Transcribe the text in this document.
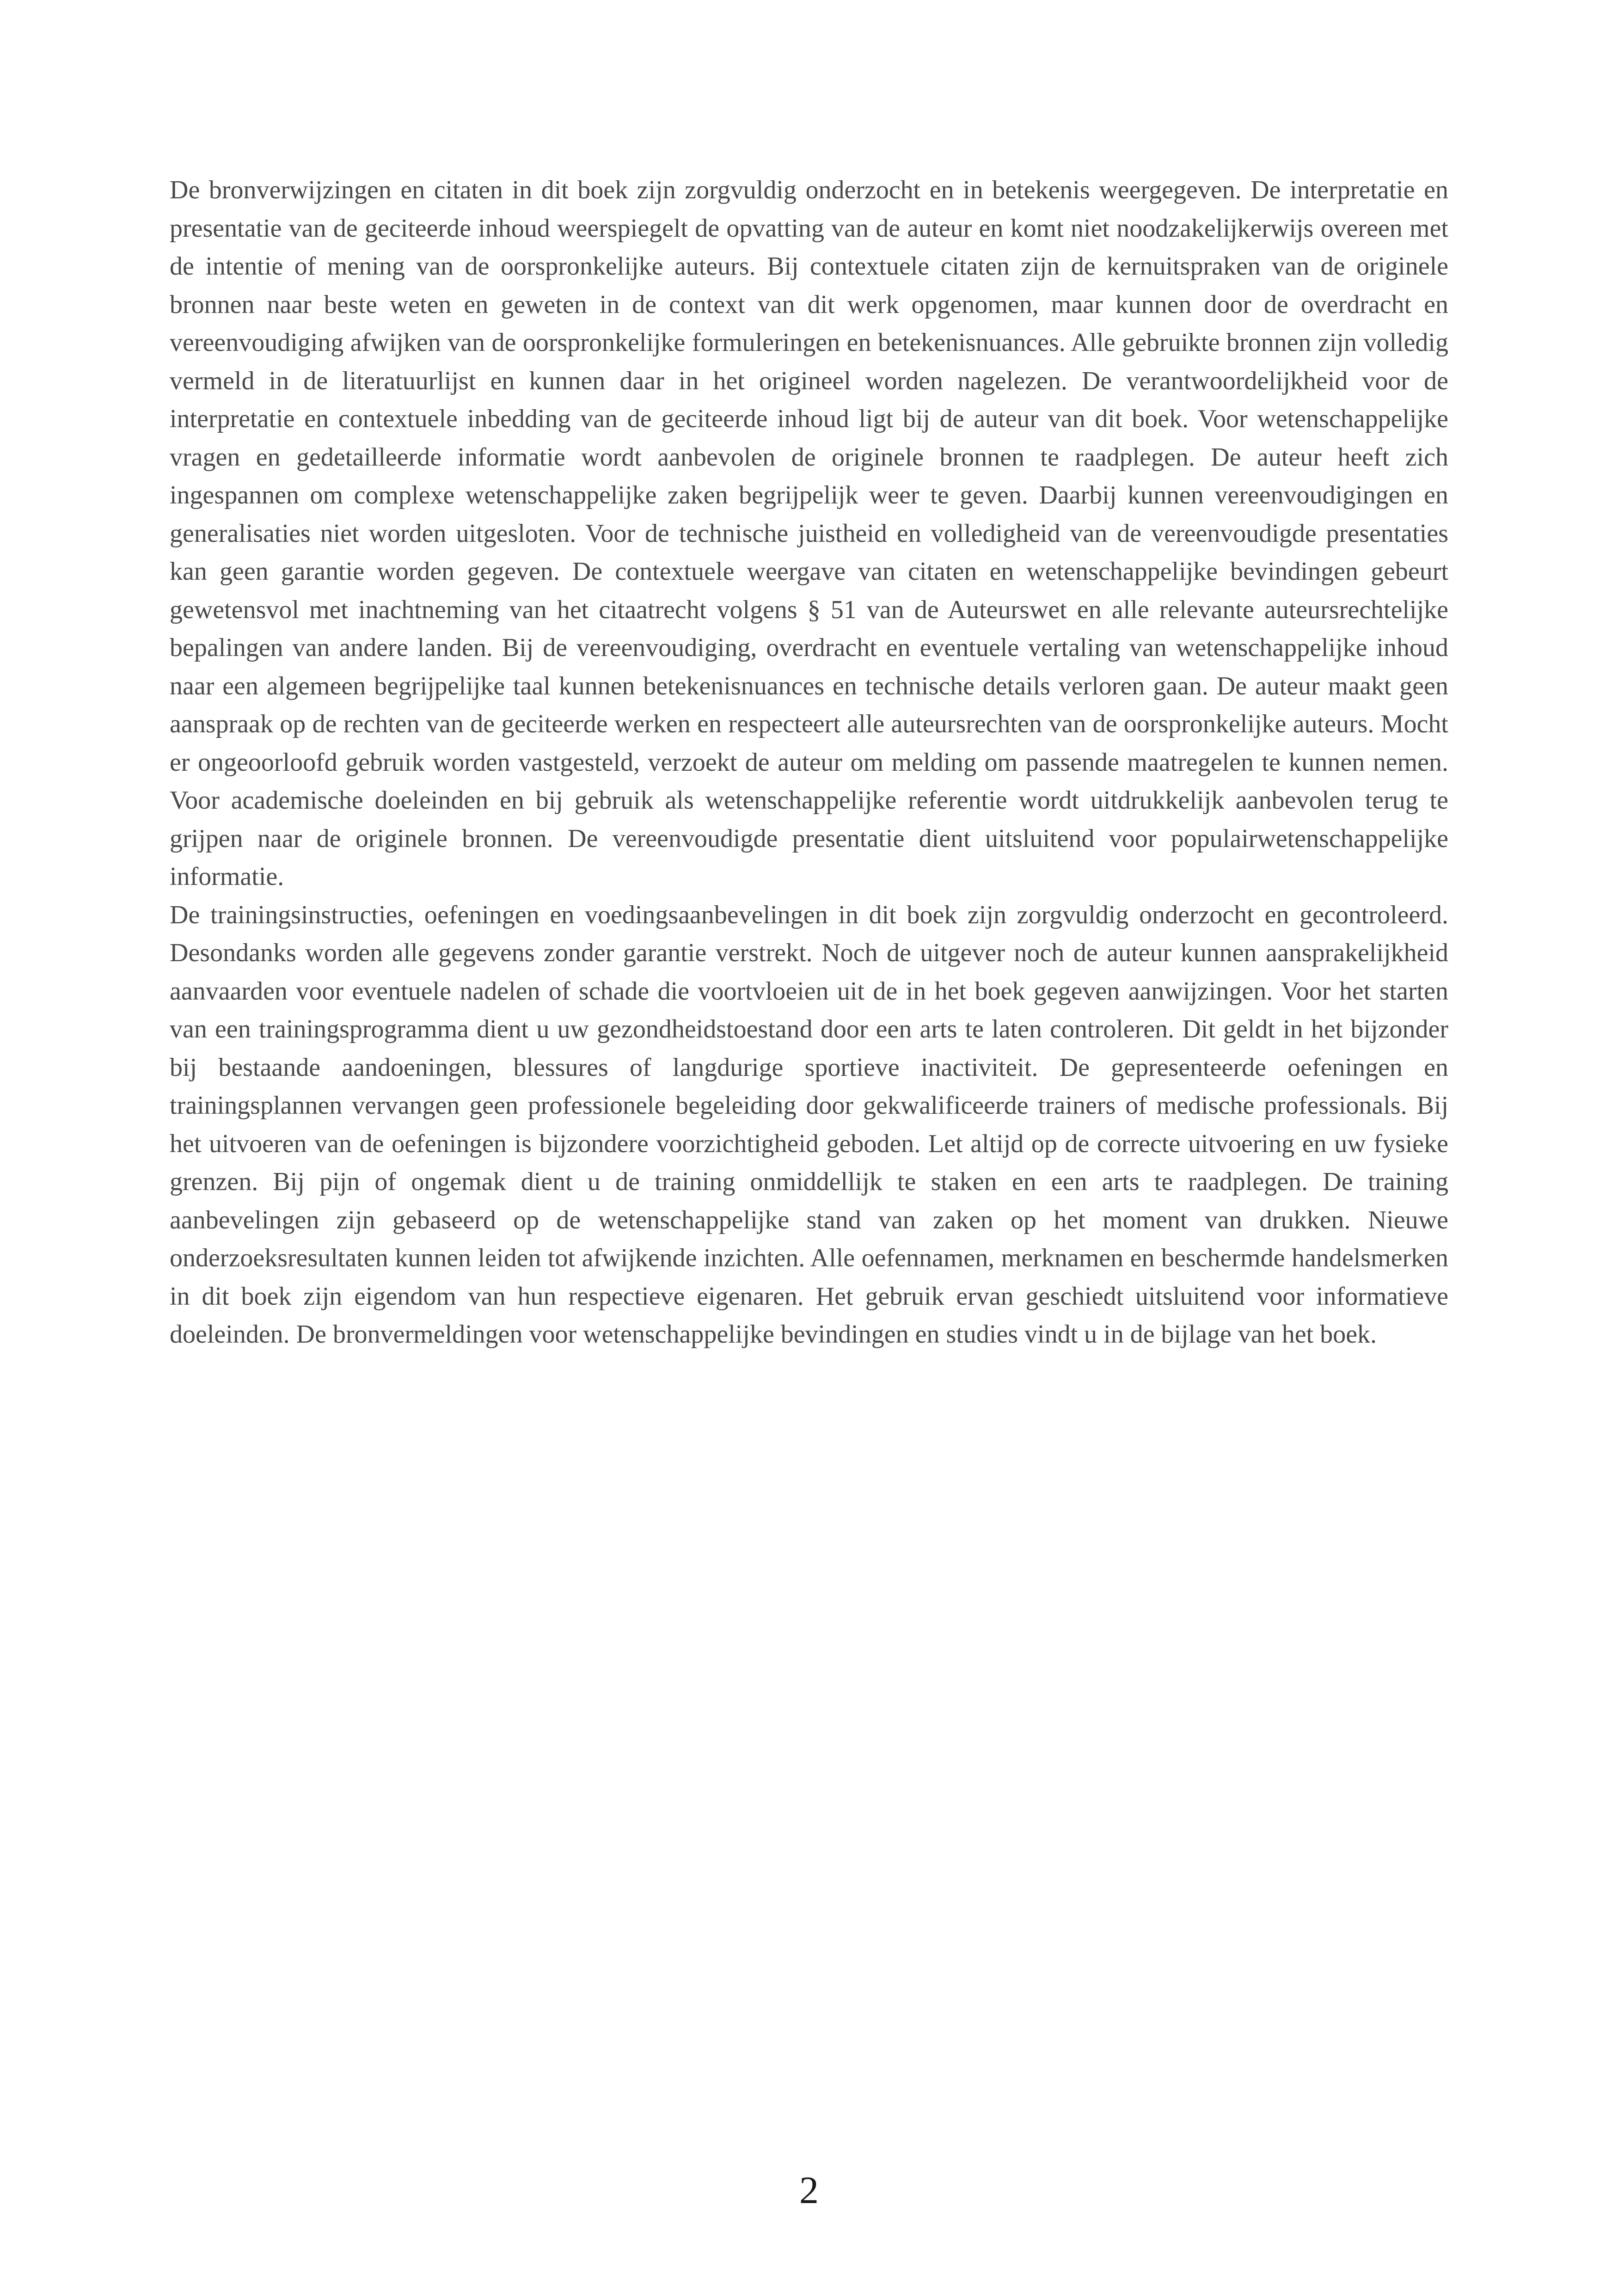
De bronverwijzingen en citaten in dit boek zijn zorgvuldig onderzocht en in betekenis weergegeven. De interpretatie en presentatie van de geciteerde inhoud weerspiegelt de opvatting van de auteur en komt niet noodzakelijkerwijs overeen met de intentie of mening van de oorspronkelijke auteurs. Bij contextuele citaten zijn de kernuitspraken van de originele bronnen naar beste weten en geweten in de context van dit werk opgenomen, maar kunnen door de overdracht en vereenvoudiging afwijken van de oorspronkelijke formuleringen en betekenisnuances. Alle gebruikte bronnen zijn volledig vermeld in de literatuurlijst en kunnen daar in het origineel worden nagelezen. De verantwoordelijkheid voor de interpretatie en contextuele inbedding van de geciteerde inhoud ligt bij de auteur van dit boek. Voor wetenschappelijke vragen en gedetailleerde informatie wordt aanbevolen de originele bronnen te raadplegen. De auteur heeft zich ingespannen om complexe wetenschappelijke zaken begrijpelijk weer te geven. Daarbij kunnen vereenvoudigingen en generalisaties niet worden uitgesloten. Voor de technische juistheid en volledigheid van de vereenvoudigde presentaties kan geen garantie worden gegeven. De contextuele weergave van citaten en wetenschappelijke bevindingen gebeurt gewetensvol met inachtneming van het citaatrecht volgens § 51 van de Auteurswet en alle relevante auteursrechtelijke bepalingen van andere landen. Bij de vereenvoudiging, overdracht en eventuele vertaling van wetenschappelijke inhoud naar een algemeen begrijpelijke taal kunnen betekenisnuances en technische details verloren gaan. De auteur maakt geen aanspraak op de rechten van de geciteerde werken en respecteert alle auteursrechten van de oorspronkelijke auteurs. Mocht er ongeoorloofd gebruik worden vastgesteld, verzoekt de auteur om melding om passende maatregelen te kunnen nemen. Voor academische doeleinden en bij gebruik als wetenschappelijke referentie wordt uitdrukkelijk aanbevolen terug te grijpen naar de originele bronnen. De vereenvoudigde presentatie dient uitsluitend voor populairwetenschappelijke informatie.

De trainingsinstructies, oefeningen en voedingsaanbevelingen in dit boek zijn zorgvuldig onderzocht en gecontroleerd. Desondanks worden alle gegevens zonder garantie verstrekt. Noch de uitgever noch de auteur kunnen aansprakelijkheid aanvaarden voor eventuele nadelen of schade die voortvloeien uit de in het boek gegeven aanwijzingen. Voor het starten van een trainingsprogramma dient u uw gezondheidstoestand door een arts te laten controleren. Dit geldt in het bijzonder bij bestaande aandoeningen, blessures of langdurige sportieve inactiviteit. De gepresenteerde oefeningen en trainingsplannen vervangen geen professionele begeleiding door gekwalificeerde trainers of medische professionals. Bij het uitvoeren van de oefeningen is bijzondere voorzichtigheid geboden. Let altijd op de correcte uitvoering en uw fysieke grenzen. Bij pijn of ongemak dient u de training onmiddellijk te staken en een arts te raadplegen. De training aanbevelingen zijn gebaseerd op de wetenschappelijke stand van zaken op het moment van drukken. Nieuwe onderzoeksresultaten kunnen leiden tot afwijkende inzichten. Alle oefennamen, merknamen en beschermde handelsmerken in dit boek zijn eigendom van hun respectieve eigenaren. Het gebruik ervan geschiedt uitsluitend voor informatieve doeleinden. De bronvermeldingen voor wetenschappelijke bevindingen en studies vindt u in de bijlage van het boek.

2
